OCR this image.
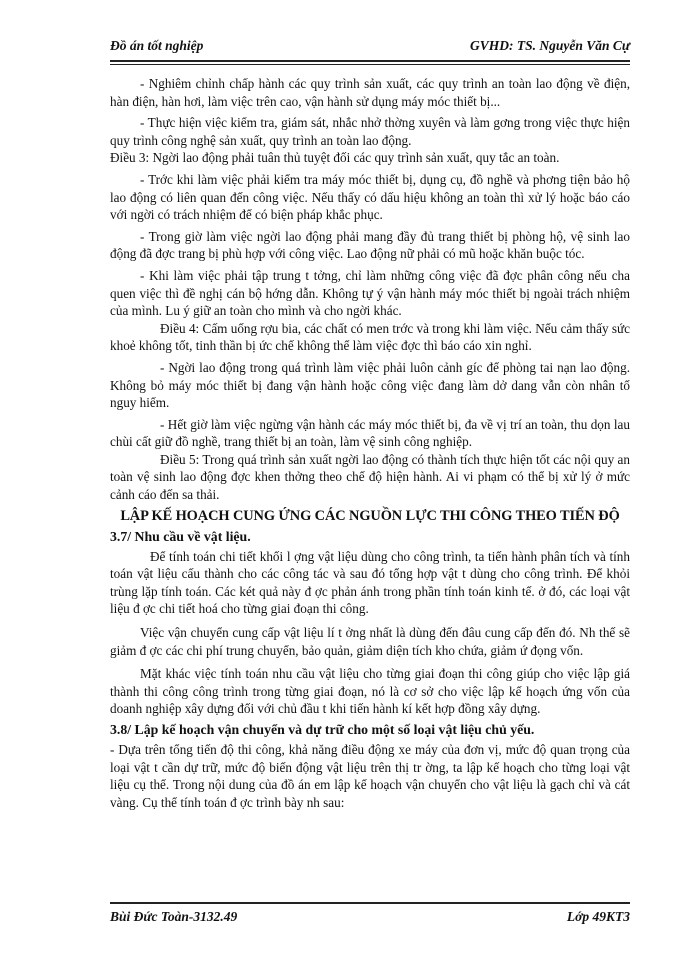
Đồ án tốt nghiệp	GVHD: TS. Nguyễn Văn Cự

- Nghiêm chỉnh chấp hành các quy trình sản xuất, các quy trình an toàn lao động về điện, hàn điện, hàn hơi, làm việc trên cao, vận hành sử dụng máy móc thiết bị...

- Thực hiện việc kiểm tra, giám sát, nhắc nhở thờng xuyên và làm gơng trong việc thực hiện quy trình công nghệ sản xuất, quy trình an toàn lao động.

Điều 3: Ngời lao động phải tuân thủ tuyệt đối các quy trình sản xuất, quy tắc an toàn.

- Trớc khi làm việc phải kiểm tra máy móc thiết bị, dụng cụ, đồ nghề và phơng tiện bảo hộ lao động có liên quan đến công việc. Nếu thấy có dấu hiệu không an toàn thì xử lý hoặc báo cáo với ngời có trách nhiệm để có biện pháp khắc phục.

- Trong giờ làm việc ngời lao động phải mang đầy đủ trang thiết bị phòng hộ, vệ sinh lao động đã đợc trang bị phù hợp với công việc. Lao động nữ phải có mũ hoặc khăn buộc tóc.

- Khi làm việc phải tập trung t tởng, chỉ làm những công việc đã đợc phân công nếu cha quen việc thì đề nghị cán bộ hớng dẫn. Không tự ý vận hành máy móc thiết bị ngoài trách nhiệm của mình. Lu ý giữ an toàn cho mình và cho ngời khác.

Điều 4: Cấm uống rợu bia, các chất có men trớc và trong khi làm việc. Nếu cảm thấy sức khoẻ không tốt, tinh thần bị ức chế không thể làm việc đợc thì báo cáo xin nghỉ.

- Ngời lao động trong quá trình làm việc phải luôn cảnh gíc để phòng tai nạn lao động. Không bỏ máy móc thiết bị đang vận hành hoặc công việc đang làm dở dang vẫn còn nhân tố nguy hiểm.

- Hết giờ làm việc ngừng vận hành các máy móc thiết bị, đa về vị trí an toàn, thu dọn lau chùi cất giữ đồ nghề, trang thiết bị an toàn, làm vệ sinh công nghiệp.

Điều 5: Trong quá trình sản xuất ngời lao động có thành tích thực hiện tốt các nội quy an toàn vệ sinh lao động đợc khen thởng theo chế độ hiện hành. Ai vi phạm có thể bị xử lý ở mức cảnh cáo đến sa thải.

LẬP KẾ HOẠCH CUNG ỨNG CÁC NGUỒN LỰC THI CÔNG THEO TIẾN ĐỘ
3.7/ Nhu cầu về vật liệu.

Để tính toán chi tiết khối l ợng vật liệu dùng cho công trình, ta tiến hành phân tích và tính toán vật liệu cấu thành cho các công tác và sau đó tổng hợp vật t dùng cho công trình. Để khỏi trùng lặp tính toán. Các két quả này đ ợc phản ánh trong phần tính toán kinh tế. ở đó, các loại vật liệu đ ợc chi tiết hoá cho từng giai đoạn thi công.

Việc vận chuyển cung cấp vật liệu lí t ởng nhất là dùng đến đâu cung cấp đến đó. Nh thế sẽ giảm đ ợc các chi phí trung chuyển, bảo quản, giảm diện tích kho chứa, giảm ứ đọng vốn.

Mặt khác việc tính toán nhu cầu vật liệu cho từng giai đoạn thi công giúp cho việc lập giá thành thi công công trình trong từng giai đoạn, nó là cơ sở cho việc lập kế hoạch ứng vốn của doanh nghiệp xây dựng đối với chủ đầu t khi tiến hành kí kết hợp đồng xây dựng.

3.8/ Lập kế hoạch vận chuyển và dự trữ cho một số loại vật liệu chủ yếu.

- Dựa trên tổng tiến độ thi công, khả năng điều động xe máy của đơn vị, mức độ quan trọng của loại vật t cần dự trữ, mức độ biến động vật liệu trên thị tr ờng, ta lập kế hoạch cho từng loại vật liệu cụ thể. Trong nội dung của đồ án em lập kế hoạch vận chuyển cho vật liệu là gạch chỉ và cát vàng. Cụ thể tính toán đ ợc trình bày nh sau:

Bùi Đức Toàn-3132.49	Lớp 49KT3
